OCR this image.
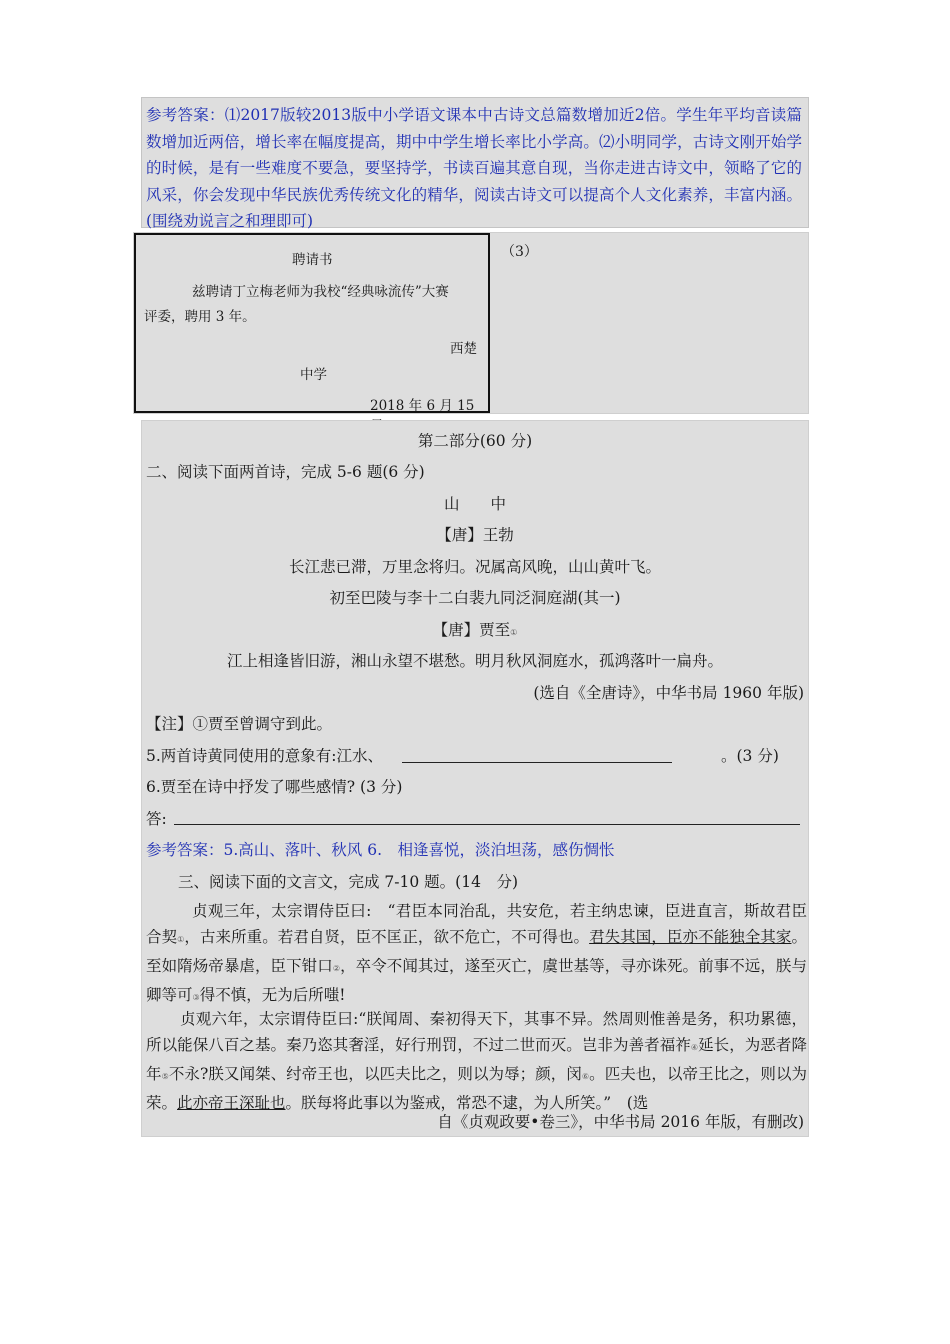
参考答案：⑴2017版较2013版中小学语文课本中古诗文总篇数增加近2倍。学生年平均音读篇数增加近两倍，增长率在幅度提高，期中中学生增长率比小学高。⑵小明同学，古诗文刚开始学的时候，是有一些难度不要急，要坚持学，书读百遍其意自现，当你走进古诗文中，领略了它的风采，你会发现中华民族优秀传统文化的精华，阅读古诗文可以提高个人文化素养，丰富内涵。(围绕劝说言之和理即可)

聘请书
兹聘请丁立梅老师为我校“经典咏流传”大赛
评委，聘用 3 年。
西楚
中学
2018 年 6 月 15
（3）
第二部分(60 分)
二、阅读下面两首诗，完成 5-6 题(6 分)
山　　中
【唐】王勃
长江悲已滞，万里念将归。况属高风晚，山山黄叶飞。
初至巴陵与李十二白裴九同泛洞庭湖(其一)
【唐】贾至①
江上相逢皆旧游，湘山永望不堪愁。明月秋风洞庭水，孤鸿落叶一扁舟。
(选自《全唐诗》，中华书局 1960 年版)
【注】①贾至曾调守到此。
5.两首诗黄同使用的意象有:江水、	。(3 分)
6.贾至在诗中抒发了哪些感情? (3 分)
答:
参考答案：5.高山、落叶、秋风 6.　相逢喜悦，淡泊坦荡，感伤惆怅
三、阅读下面的文言文，完成 7-10 题。(14　分)

贞观三年，太宗谓侍臣曰:　“君臣本同治乱，共安危，若主纳忠谏，臣进直言，斯故君臣合契①，古来所重。若君自贤，臣不匡正，欲不危亡，不可得也。君失其国，臣亦不能独全其家。至如隋炀帝暴虐，臣下钳口②，卒令不闻其过，遂至灭亡，虞世基等，寻亦诛死。前事不远，朕与卿等可③得不慎，无为后所嗤!

贞观六年，太宗谓侍臣曰:“朕闻周、秦初得天下，其事不异。然周则惟善是务，积功累德，所以能保八百之基。秦乃恣其奢淫，好行刑罚，不过二世而灭。岂非为善者福祚④延长，为恶者降年⑤不永?朕又闻桀、纣帝王也，以匹夫比之，则以为辱；颜，闵⑥。匹夫也，以帝王比之，则以为荣。此亦帝王深耻也。朕每将此事以为鉴戒，常恐不逮，为人所笑。”　(选

自《贞观政要•卷三》，中华书局 2016 年版，有删改)
